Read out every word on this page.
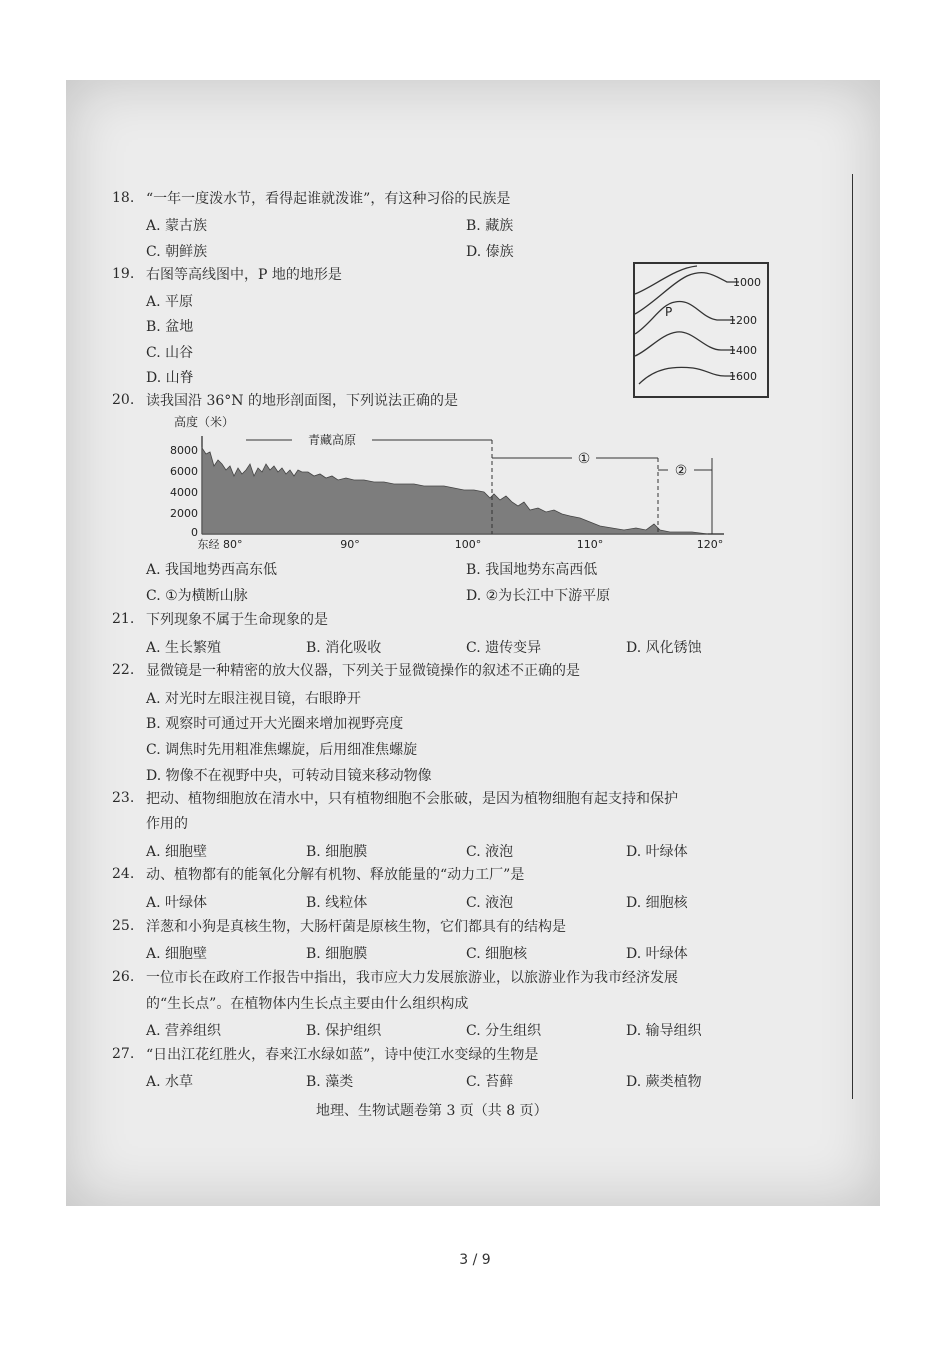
18. “一年一度泼水节，看得起谁就泼谁”，有这种习俗的民族是
A. 蒙古族	B. 藏族
C. 朝鲜族	D. 傣族
19. 右图等高线图中，P 地的地形是
A. 平原
B. 盆地
C. 山谷
D. 山脊
P
1000
1200
1400
1600
20. 读我国沿 36°N 的地形剖面图，下列说法正确的是
高度（米）
8000
6000
4000
2000
0
青藏高原
①
②
东经 80°	90°	100°	110°	120°
A. 我国地势西高东低	B. 我国地势东高西低
C. ①为横断山脉	D. ②为长江中下游平原
21. 下列现象不属于生命现象的是
A. 生长繁殖	B. 消化吸收	C. 遗传变异	D. 风化锈蚀
22. 显微镜是一种精密的放大仪器，下列关于显微镜操作的叙述不正确的是
A. 对光时左眼注视目镜，右眼睁开
B. 观察时可通过开大光圈来增加视野亮度
C. 调焦时先用粗准焦螺旋，后用细准焦螺旋
D. 物像不在视野中央，可转动目镜来移动物像
23. 把动、植物细胞放在清水中，只有植物细胞不会胀破，是因为植物细胞有起支持和保护
作用的
A. 细胞壁	B. 细胞膜	C. 液泡	D. 叶绿体
24. 动、植物都有的能氧化分解有机物、释放能量的“动力工厂”是
A. 叶绿体	B. 线粒体	C. 液泡	D. 细胞核
25. 洋葱和小狗是真核生物，大肠杆菌是原核生物，它们都具有的结构是
A. 细胞壁	B. 细胞膜	C. 细胞核	D. 叶绿体
26. 一位市长在政府工作报告中指出，我市应大力发展旅游业，以旅游业作为我市经济发展
的“生长点”。在植物体内生长点主要由什么组织构成
A. 营养组织	B. 保护组织	C. 分生组织	D. 输导组织
27. “日出江花红胜火，春来江水绿如蓝”，诗中使江水变绿的生物是
A. 水草	B. 藻类	C. 苔藓	D. 蕨类植物
地理、生物试题卷第 3 页（共 8 页）
3 / 9
